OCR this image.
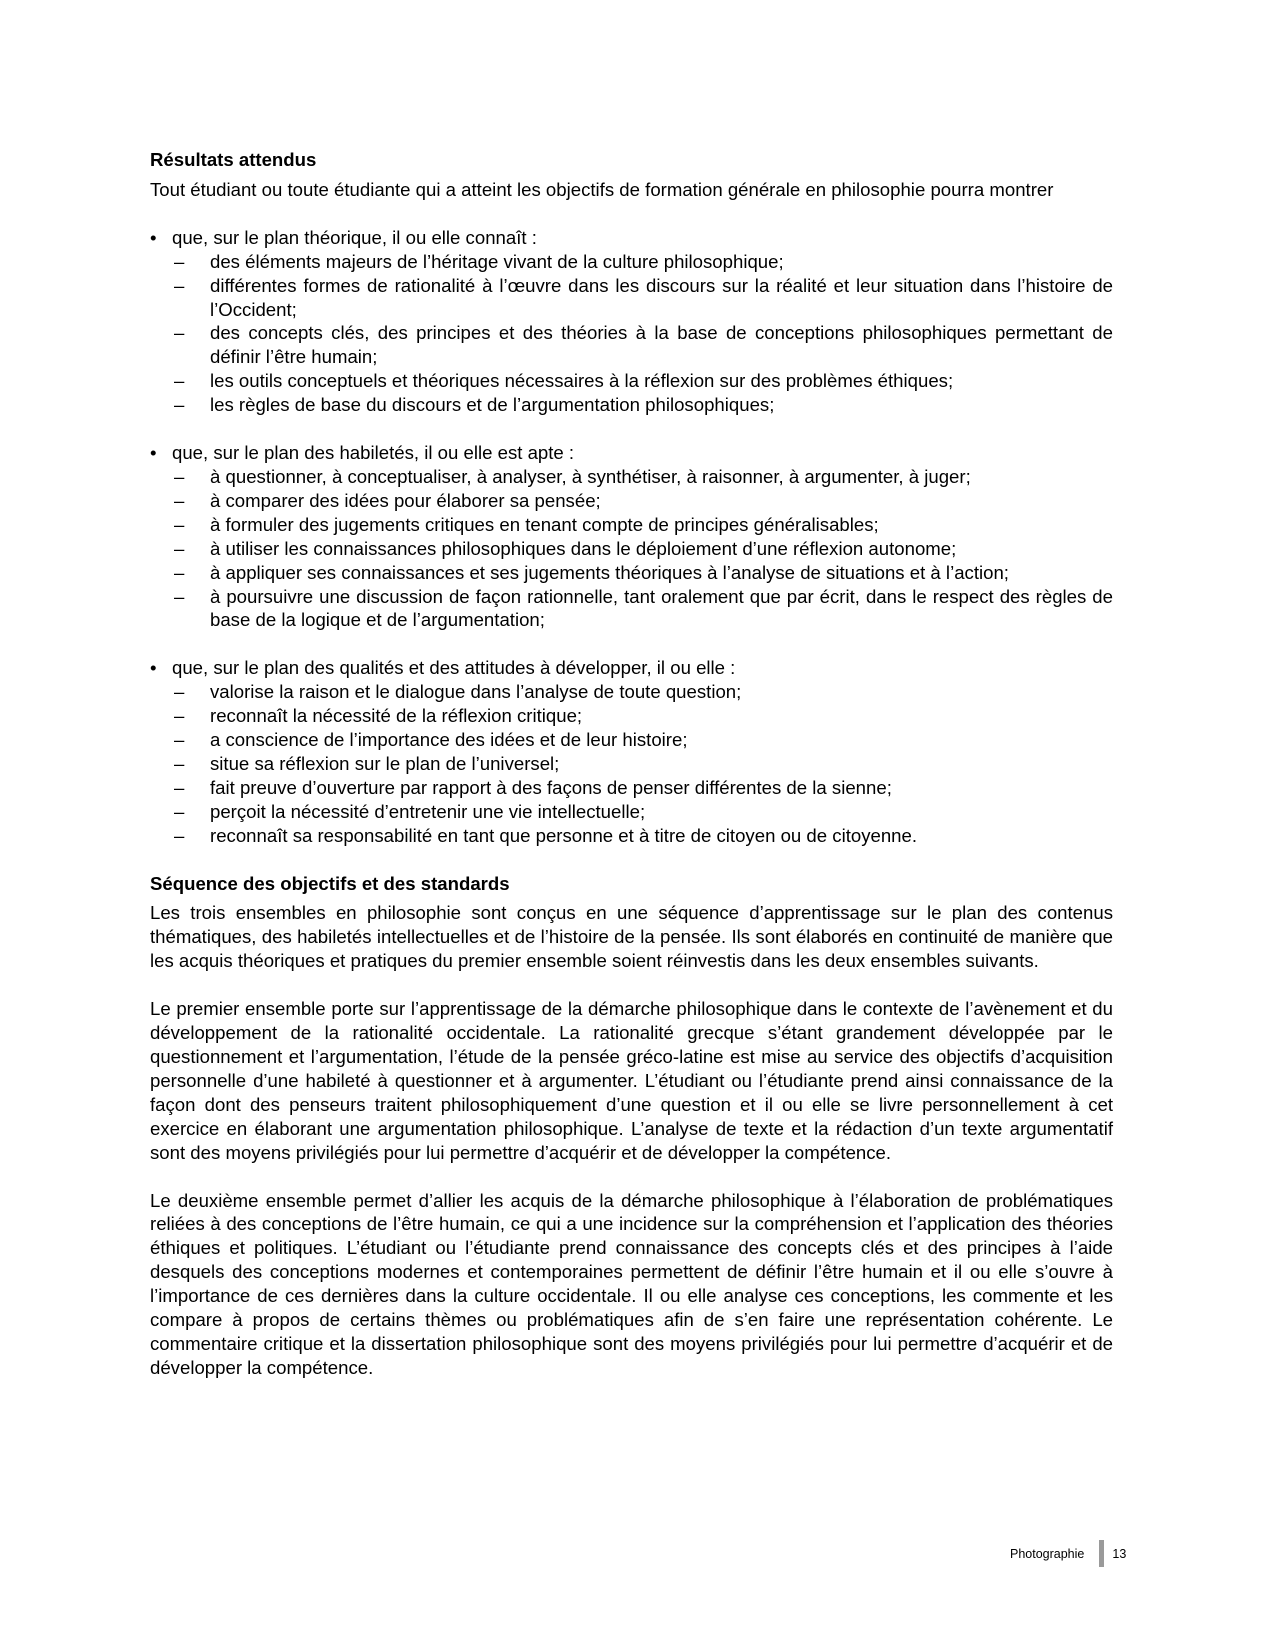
Résultats attendus

Tout étudiant ou toute étudiante qui a atteint les objectifs de formation générale en philosophie pourra montrer

• que, sur le plan théorique, il ou elle connaît :
–	des éléments majeurs de l’héritage vivant de la culture philosophique;
–	différentes formes de rationalité à l’œuvre dans les discours sur la réalité et leur situation dans l’histoire de l’Occident;
–	des concepts clés, des principes et des théories à la base de conceptions philosophiques permettant de définir l’être humain;
–	les outils conceptuels et théoriques nécessaires à la réflexion sur des problèmes éthiques;
–	les règles de base du discours et de l’argumentation philosophiques;
• que, sur le plan des habiletés, il ou elle est apte :
–	à questionner, à conceptualiser, à analyser, à synthétiser, à raisonner, à argumenter, à juger;
–	à comparer des idées pour élaborer sa pensée;
–	à formuler des jugements critiques en tenant compte de principes généralisables;
–	à utiliser les connaissances philosophiques dans le déploiement d’une réflexion autonome;
–	à appliquer ses connaissances et ses jugements théoriques à l’analyse de situations et à l’action;
–	à poursuivre une discussion de façon rationnelle, tant oralement que par écrit, dans le respect des règles de base de la logique et de l’argumentation;
• que, sur le plan des qualités et des attitudes à développer, il ou elle :
–	valorise la raison et le dialogue dans l’analyse de toute question;
–	reconnaît la nécessité de la réflexion critique;
–	a conscience de l’importance des idées et de leur histoire;
–	situe sa réflexion sur le plan de l’universel;
–	fait preuve d’ouverture par rapport à des façons de penser différentes de la sienne;
–	perçoit la nécessité d’entretenir une vie intellectuelle;
–	reconnaît sa responsabilité en tant que personne et à titre de citoyen ou de citoyenne.
Séquence des objectifs et des standards

Les trois ensembles en philosophie sont conçus en une séquence d’apprentissage sur le plan des contenus thématiques, des habiletés intellectuelles et de l’histoire de la pensée. Ils sont élaborés en continuité de manière que les acquis théoriques et pratiques du premier ensemble soient réinvestis dans les deux ensembles suivants.

Le premier ensemble porte sur l’apprentissage de la démarche philosophique dans le contexte de l’avènement et du développement de la rationalité occidentale. La rationalité grecque s’étant grandement développée par le questionnement et l’argumentation, l’étude de la pensée gréco-latine est mise au service des objectifs d’acquisition personnelle d’une habileté à questionner et à argumenter. L’étudiant ou l’étudiante prend ainsi connaissance de la façon dont des penseurs traitent philosophiquement d’une question et il ou elle se livre personnellement à cet exercice en élaborant une argumentation philosophique. L’analyse de texte et la rédaction d’un texte argumentatif sont des moyens privilégiés pour lui permettre d’acquérir et de développer la compétence.

Le deuxième ensemble permet d’allier les acquis de la démarche philosophique à l’élaboration de problématiques reliées à des conceptions de l’être humain, ce qui a une incidence sur la compréhension et l’application des théories éthiques et politiques. L’étudiant ou l’étudiante prend connaissance des concepts clés et des principes à l’aide desquels des conceptions modernes et contemporaines permettent de définir l’être humain et il ou elle s’ouvre à l’importance de ces dernières dans la culture occidentale. Il ou elle analyse ces conceptions, les commente et les compare à propos de certains thèmes ou problématiques afin de s’en faire une représentation cohérente. Le commentaire critique et la dissertation philosophique sont des moyens privilégiés pour lui permettre d’acquérir et de développer la compétence.

Photographie 13
